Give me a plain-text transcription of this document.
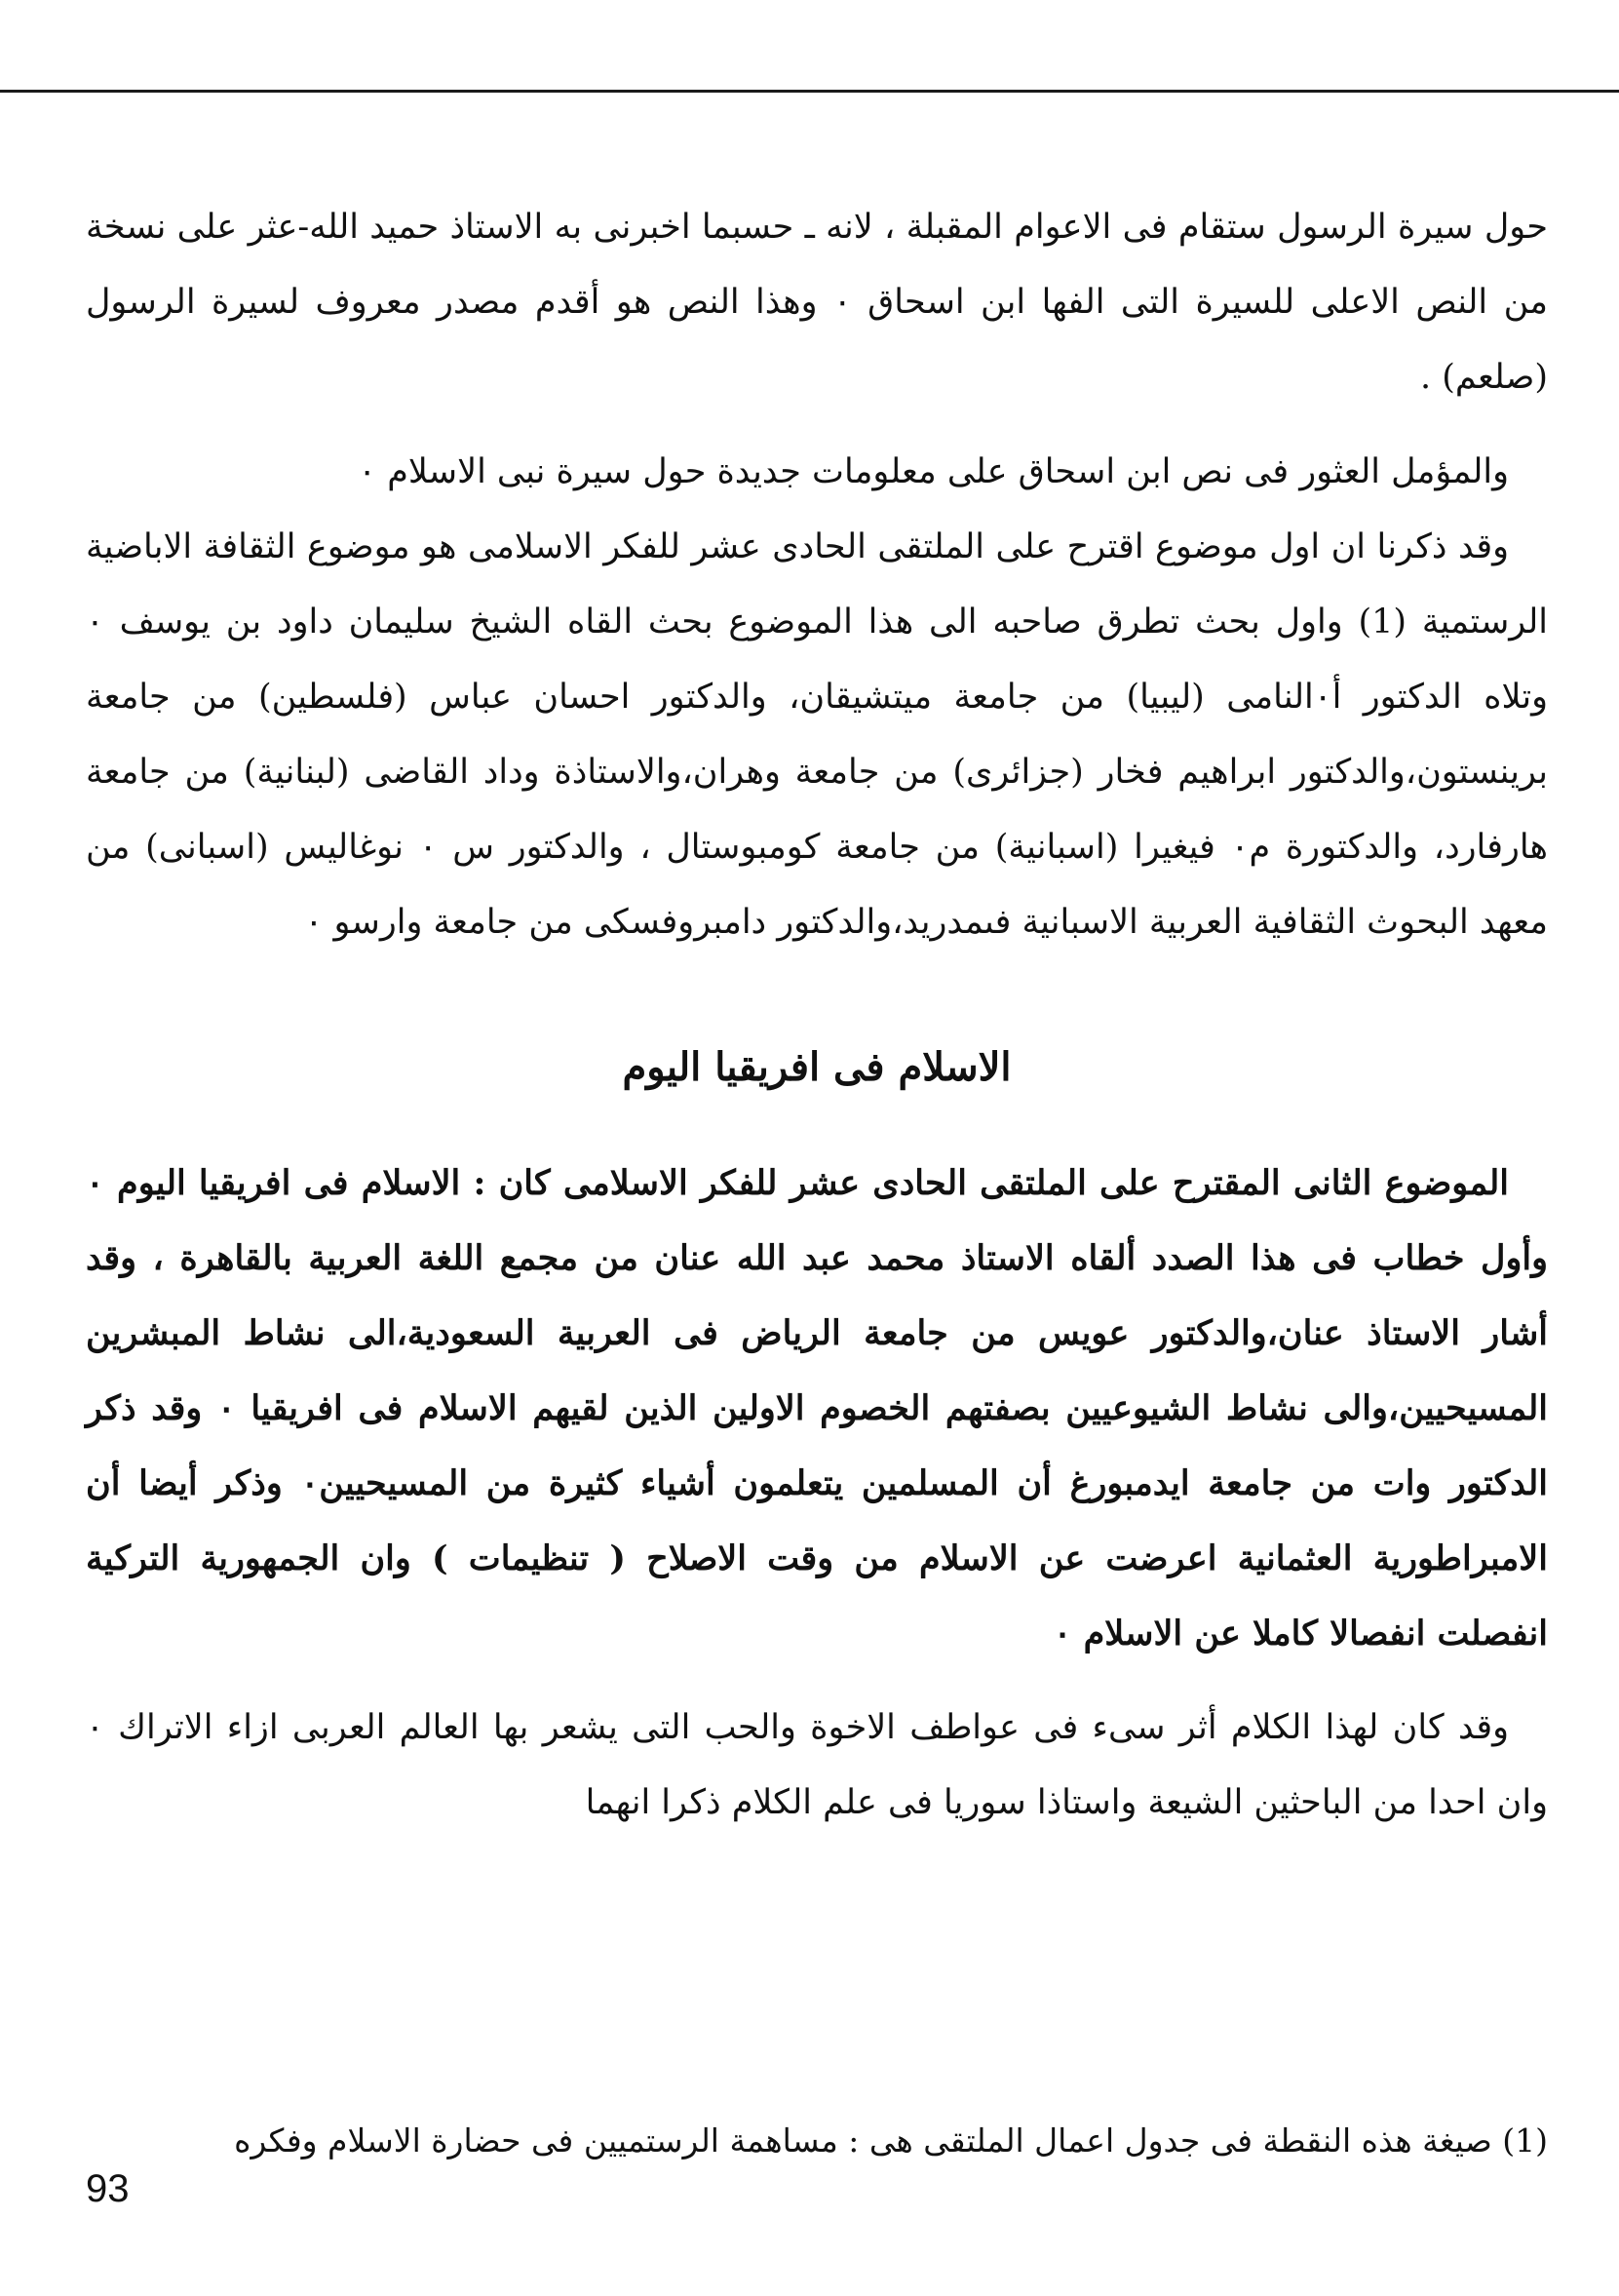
حول سيرة الرسول ستقام فى الاعوام المقبلة ، لانه ـ حسبما اخبرنى به الاستاذ حميد الله-عثر على نسخة من النص الاعلى للسيرة التى الفها ابن اسحاق ٠ وهذا النص هو أقدم مصدر معروف لسيرة الرسول (صلعم) .

والمؤمل العثور فى نص ابن اسحاق على معلومات جديدة حول سيرة نبى الاسلام ٠

وقد ذكرنا ان اول موضوع اقترح على الملتقى الحادى عشر للفكر الاسلامى هو موضوع الثقافة الاباضية الرستمية (1) واول بحث تطرق صاحبه الى هذا الموضوع بحث القاه الشيخ سليمان داود بن يوسف ٠ وتلاه الدكتور أ٠النامى (ليبيا) من جامعة ميتشيقان، والدكتور احسان عباس (فلسطين) من جامعة برينستون،والدكتور ابراهيم فخار (جزائرى) من جامعة وهران،والاستاذة وداد القاضى (لبنانية) من جامعة هارفارد، والدكتورة م٠ فيغيرا (اسبانية) من جامعة كومبوستال ، والدكتور س ٠ نوغاليس (اسبانى) من معهد البحوث الثقافية العربية الاسبانية فىمدريد،والدكتور دامبروفسكى من جامعة وارسو ٠

الاسلام فى افريقيا اليوم

الموضوع الثانى المقترح على الملتقى الحادى عشر للفكر الاسلامى كان : الاسلام فى افريقيا اليوم ٠ وأول خطاب فى هذا الصدد ألقاه الاستاذ محمد عبد الله عنان من مجمع اللغة العربية بالقاهرة ، وقد أشار الاستاذ عنان،والدكتور عويس من جامعة الرياض فى العربية السعودية،الى نشاط المبشرين المسيحيين،والى نشاط الشيوعيين بصفتهم الخصوم الاولين الذين لقيهم الاسلام فى افريقيا ٠ وقد ذكر الدكتور وات من جامعة ايدمبورغ أن المسلمين يتعلمون أشياء كثيرة من المسيحيين٠ وذكر أيضا أن الامبراطورية العثمانية اعرضت عن الاسلام من وقت الاصلاح ( تنظيمات ) وان الجمهورية التركية انفصلت انفصالا كاملا عن الاسلام ٠

وقد كان لهذا الكلام أثر سىء فى عواطف الاخوة والحب التى يشعر بها العالم العربى ازاء الاتراك ٠ وان احدا من الباحثين الشيعة واستاذا سوريا فى علم الكلام ذكرا انهما

(1) صيغة هذه النقطة فى جدول اعمال الملتقى هى : مساهمة الرستميين فى حضارة الاسلام وفكره

93
